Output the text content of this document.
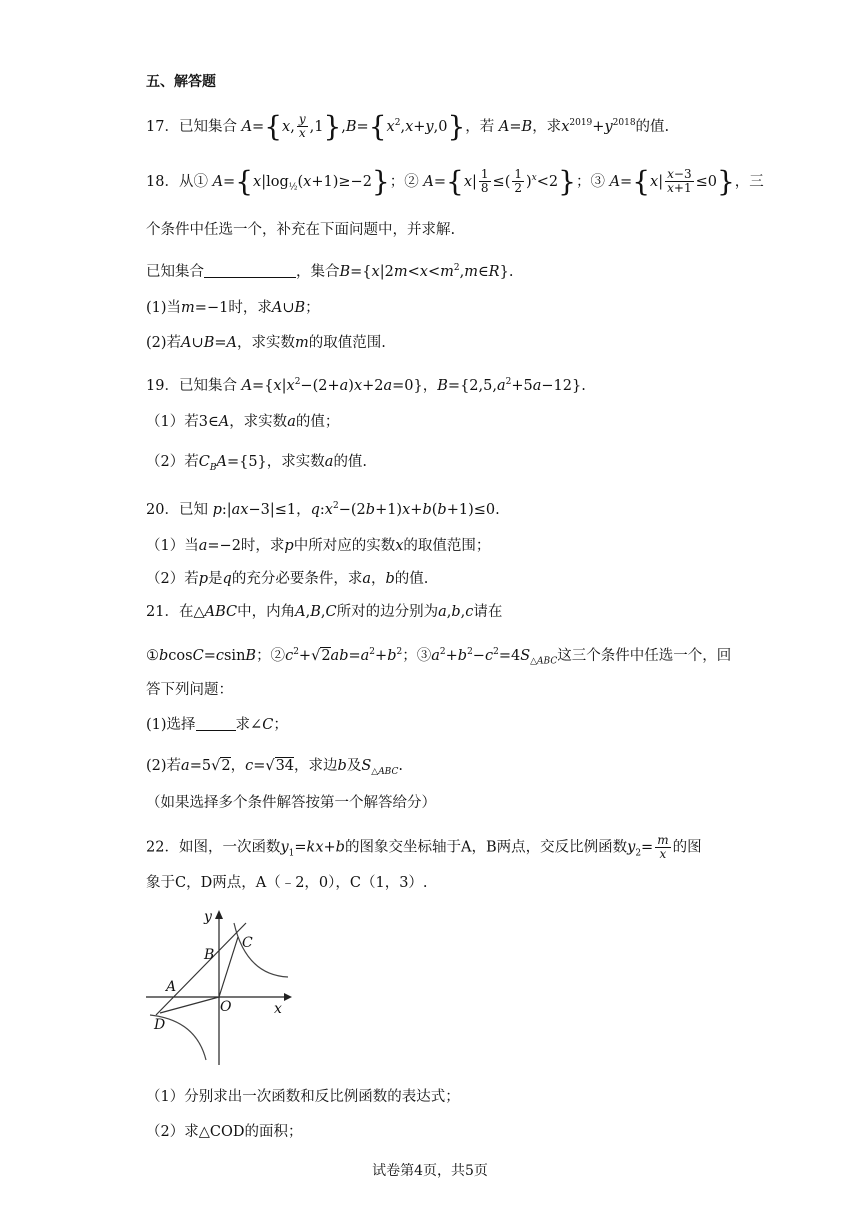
五、解答题
17．已知集合 A={x, $\frac{y}{x} ,1\},B=\{x^2,x+y,0\}$，若 A=B，求$x^{2019}+y^{2018}$的值.
18．从① $A=\{x|\log_{\frac{1}{2}}(x+1)\ge-2\}$；② $A=\{x| \frac{1}{8}$ ≤( $\frac{1}{2} )^x<2$}；③ $A=\{x| \frac{x-3}{x+1} \le 0\}$，三
个条件中任选一个，补充在下面问题中，并求解.
已知集合	，集合$B=\{x|2m<x<m^2,m\in R\}$.
(1)当m=−1时，求A∪B；
(2)若A∪B=A，求实数m的取值范围.
19．已知集合 $A=\{x|x^2-(2+a)x+2a=0\}$，$B=\{2,5,a^2+5a-12\}$.
（1）若3∈A，求实数a的值；
（2）若$C_BA=\{5\}$，求实数a的值.
20．已知 p:|ax−3|≤1，$q:x^2-(2b+1)x+b(b+1)\le 0$.
（1）当a=−2时，求p中所对应的实数x的取值范围；
（2）若p是q的充分必要条件，求a，b的值.
21．在△ABC中，内角A,B,C所对的边分别为a,b,c请在
①bcosC=csinB；$②c^2+√2ab=a^2+b^2$；$③a^2+b^2-c^2=4S_{\triangle ABC}$这三个条件中任选一个，回
答下列问题：
(1)选择	求∠C；
(2)若a=5√2，c=√34，求边b及$S_{\triangle ABC}$.
（如果选择多个条件解答按第一个解答给分）
22．如图，一次函数$y_1=kx+b$的图象交坐标轴于A，B两点，交反比例函数$y_2= \frac{m}{x}$ 的图
象于C，D两点，A（﹣2，0），C（1，3）.
y
x
A
B
C
D
O
（1）分别求出一次函数和反比例函数的表达式；
（2）求△COD的面积；
试卷第4页，共5页
